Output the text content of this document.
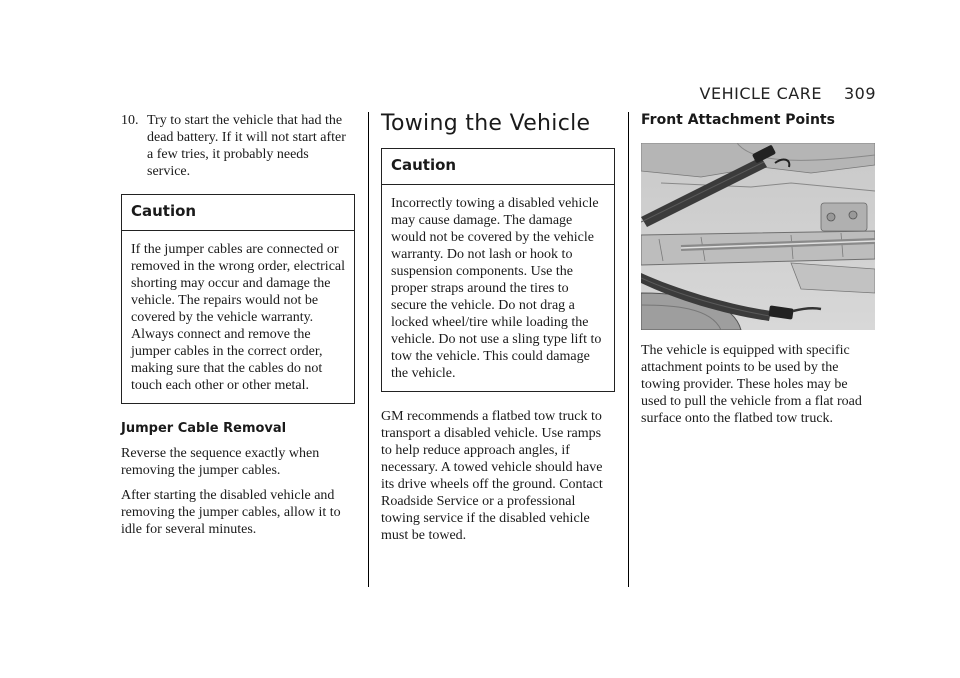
VEHICLE CARE 309
10. Try to start the vehicle that had the dead battery. If it will not start after a few tries, it probably needs service.
Caution
If the jumper cables are connected or removed in the wrong order, electrical shorting may occur and damage the vehicle. The repairs would not be covered by the vehicle warranty. Always connect and remove the jumper cables in the correct order, making sure that the cables do not touch each other or other metal.
Jumper Cable Removal

Reverse the sequence exactly when removing the jumper cables.

After starting the disabled vehicle and removing the jumper cables, allow it to idle for several minutes.

Towing the Vehicle
Caution
Incorrectly towing a disabled vehicle may cause damage. The damage would not be covered by the vehicle warranty. Do not lash or hook to suspension components. Use the proper straps around the tires to secure the vehicle. Do not drag a locked wheel/tire while loading the vehicle. Do not use a sling type lift to tow the vehicle. This could damage the vehicle.

GM recommends a flatbed tow truck to transport a disabled vehicle. Use ramps to help reduce approach angles, if necessary. A towed vehicle should have its drive wheels off the ground. Contact Roadside Service or a professional towing service if the disabled vehicle must be towed.

Front Attachment Points

The vehicle is equipped with specific attachment points to be used by the towing provider. These holes may be used to pull the vehicle from a flat road surface onto the flatbed tow truck.
